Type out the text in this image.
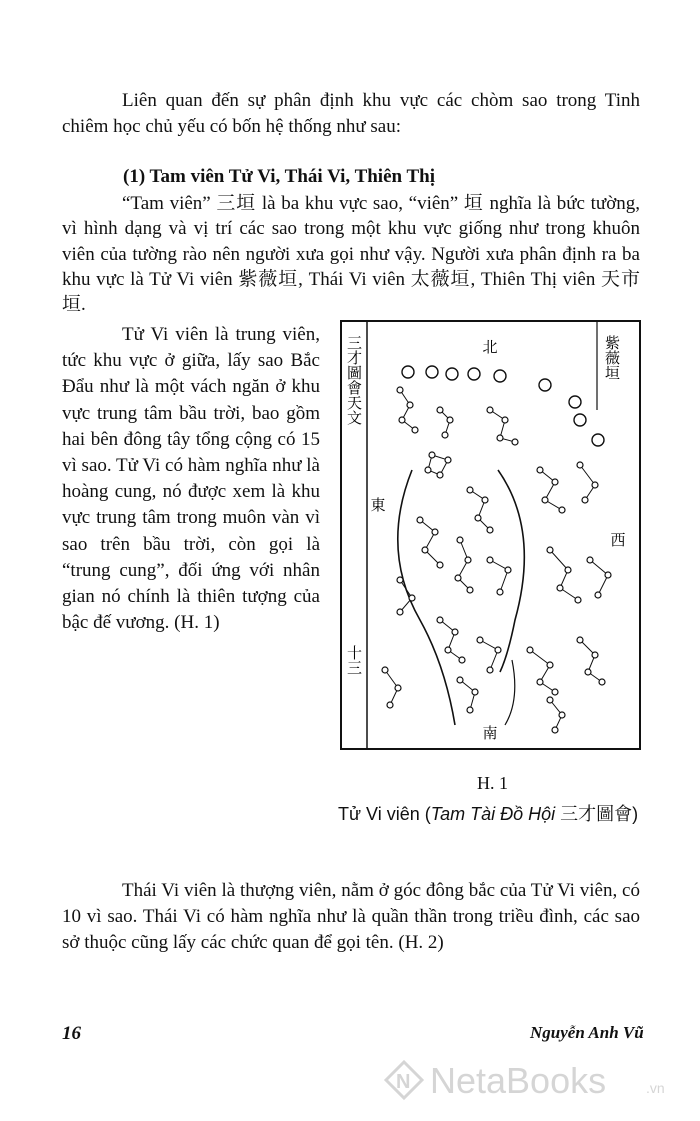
Liên quan đến sự phân định khu vực các chòm sao trong Tinh chiêm học chủ yếu có bốn hệ thống như sau:

(1) Tam viên Tử Vi, Thái Vi, Thiên Thị

“Tam viên” 三垣 là ba khu vực sao, “viên” 垣 nghĩa là bức tường, vì hình dạng và vị trí các sao trong một khu vực giống như trong khuôn viên của tường rào nên người xưa gọi như vậy. Người xưa phân định ra ba khu vực là Tử Vi viên 紫薇垣, Thái Vi viên 太薇垣, Thiên Thị viên 天市垣.

Tử Vi viên là trung viên, tức khu vực ở giữa, lấy sao Bắc Đẩu như là một vách ngăn ở khu vực trung tâm bầu trời, bao gồm hai bên đông tây tổng cộng có 15 vì sao. Tử Vi có hàm nghĩa như là hoàng cung, nó được xem là khu vực trung tâm trong muôn vàn vì sao trên bầu trời, còn gọi là “trung cung”, đối ứng với nhân gian nó chính là thiên tượng của bậc đế vương. (H. 1)

三才圖會天文
十三
北
南
東
西
紫薇垣
H. 1
Tử Vi viên (Tam Tài Đồ Hội 三才圖會)

Thái Vi viên là thượng viên, nằm ở góc đông bắc của Tử Vi viên, có 10 vì sao. Thái Vi có hàm nghĩa như là quần thần trong triều đình, các sao sở thuộc cũng lấy các chức quan để gọi tên. (H. 2)

16	Nguyễn Anh Vũ
N NetaBooks	.vn
